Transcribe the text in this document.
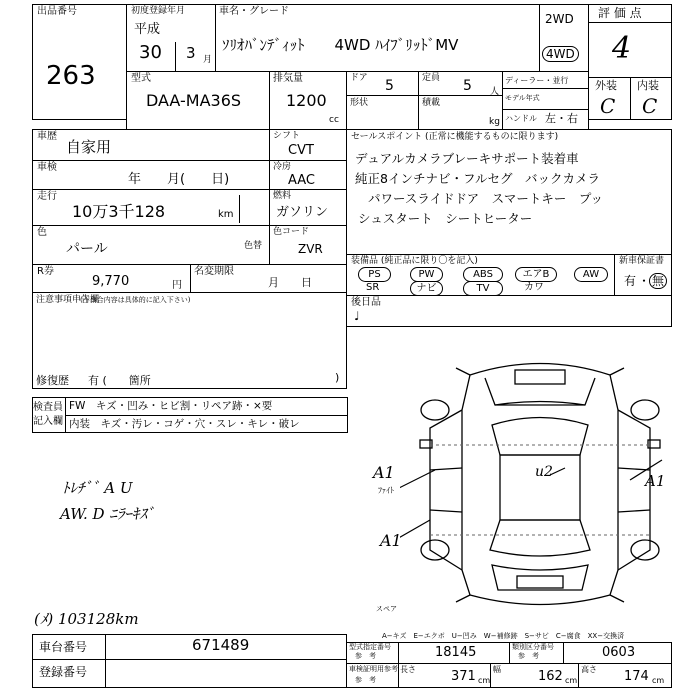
出品番号
263
初度登録年月
平成
30 3 月
車名・グレード
ｿﾘｵﾊﾞﾝﾃﾞｨｯﾄ　　4WD ﾊｲﾌﾞﾘｯﾄﾞMV
2WD
4WD
評 価 点
4
外装 内装
C C
型式
DAA-MA36S
排気量
1200
cc
ドア 5	定員 5 人
形状	積載
kg
ディーラー・並行
モデル年式
ハンドル 左・右
車歴
自家用
車検
年　　月(　　日)
走行
10万3千128	km
色
パール
シフト
CVT
冷房
AAC
燃料
ガソリン
色コード
色替	ZVR
R券
9,770	円
名変期限
月　　日
注意事項申告欄
(不具合内容は具体的に記入下さい)
修復歴 有 (　　箇所	)
セールスポイント (正常に機能するものに限ります)
デュアルカメラブレーキサポート装着車
純正8インチナビ・フルセグ　バックカメラ
パワースライドドア　スマートキー　プッ
シュスタート　シートヒーター
装備品 (純正品に限り〇を記入)
PS	PW	ABS	エアB	AW
SR	ナビ	TV	カワ
新車保証書
有 ・ 無
後日品
♩
検査員
記入欄
FW　キズ・凹み・ヒビ割・リペア跡・×要
内装　キズ・汚レ・コゲ・穴・スレ・キレ・破レ
ﾄﾚﾁﾞﾞ A U
AW. D ﾆﾗｰｷｽﾞ
(ﾒ) 103128km
A1
ﾌｧｲﾄ
A1
u2	A1
スペア
A−キズ　E−エクボ　U−凹み　W−補修跡　S−サビ　C−腐食　XX−交換済
車台番号	671489
登録番号
型式指定番号
参　考	18145	類別区分番号
参　考	0603
車検証明用参考
参　考
長さ	371 cm
幅	162 cm
高さ 174 cm
